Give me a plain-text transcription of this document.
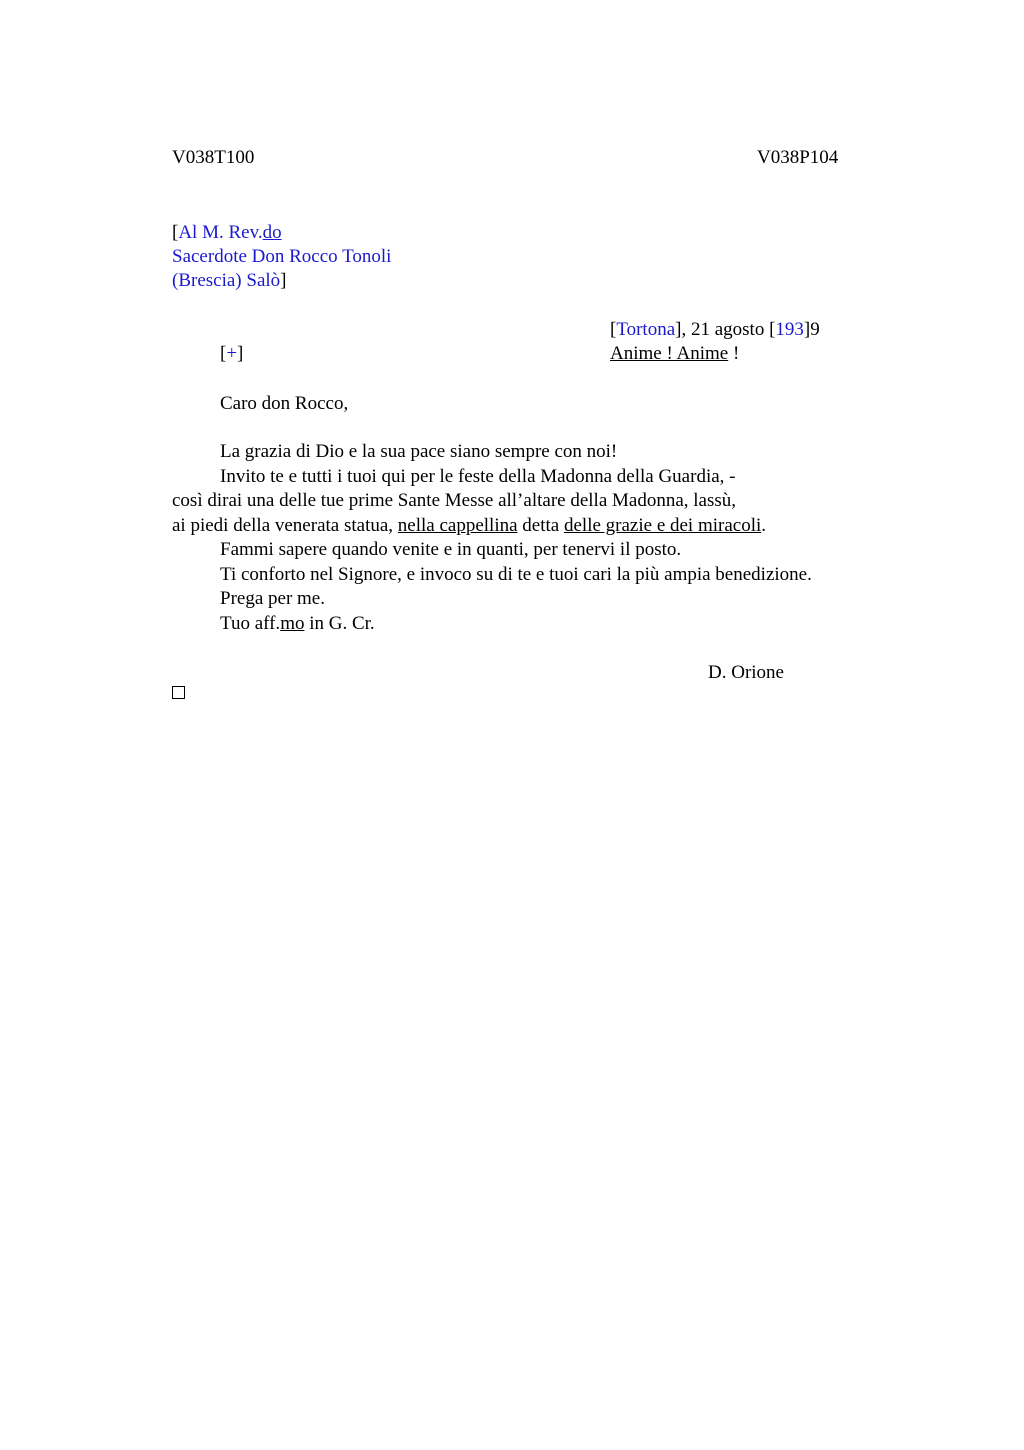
V038T100	V038P104
[Al M. Rev.do
Sacerdote Don Rocco Tonoli
(Brescia) Salò]
[Tortona], 21 agosto [193]9
[+]	Anime ! Anime !
Caro don Rocco,
La grazia di Dio e la sua pace siano sempre con noi!
Invito te e tutti i tuoi qui per le feste della Madonna della Guardia, -
così dirai una delle tue prime Sante Messe all’altare della Madonna, lassù,
ai piedi della venerata statua, nella cappellina detta delle grazie e dei miracoli.
Fammi sapere quando venite e in quanti, per tenervi il posto.
Ti conforto nel Signore, e invoco su di te e tuoi cari la più ampia benedizione.
Prega per me.
Tuo aff.mo in G. Cr.
D. Orione
